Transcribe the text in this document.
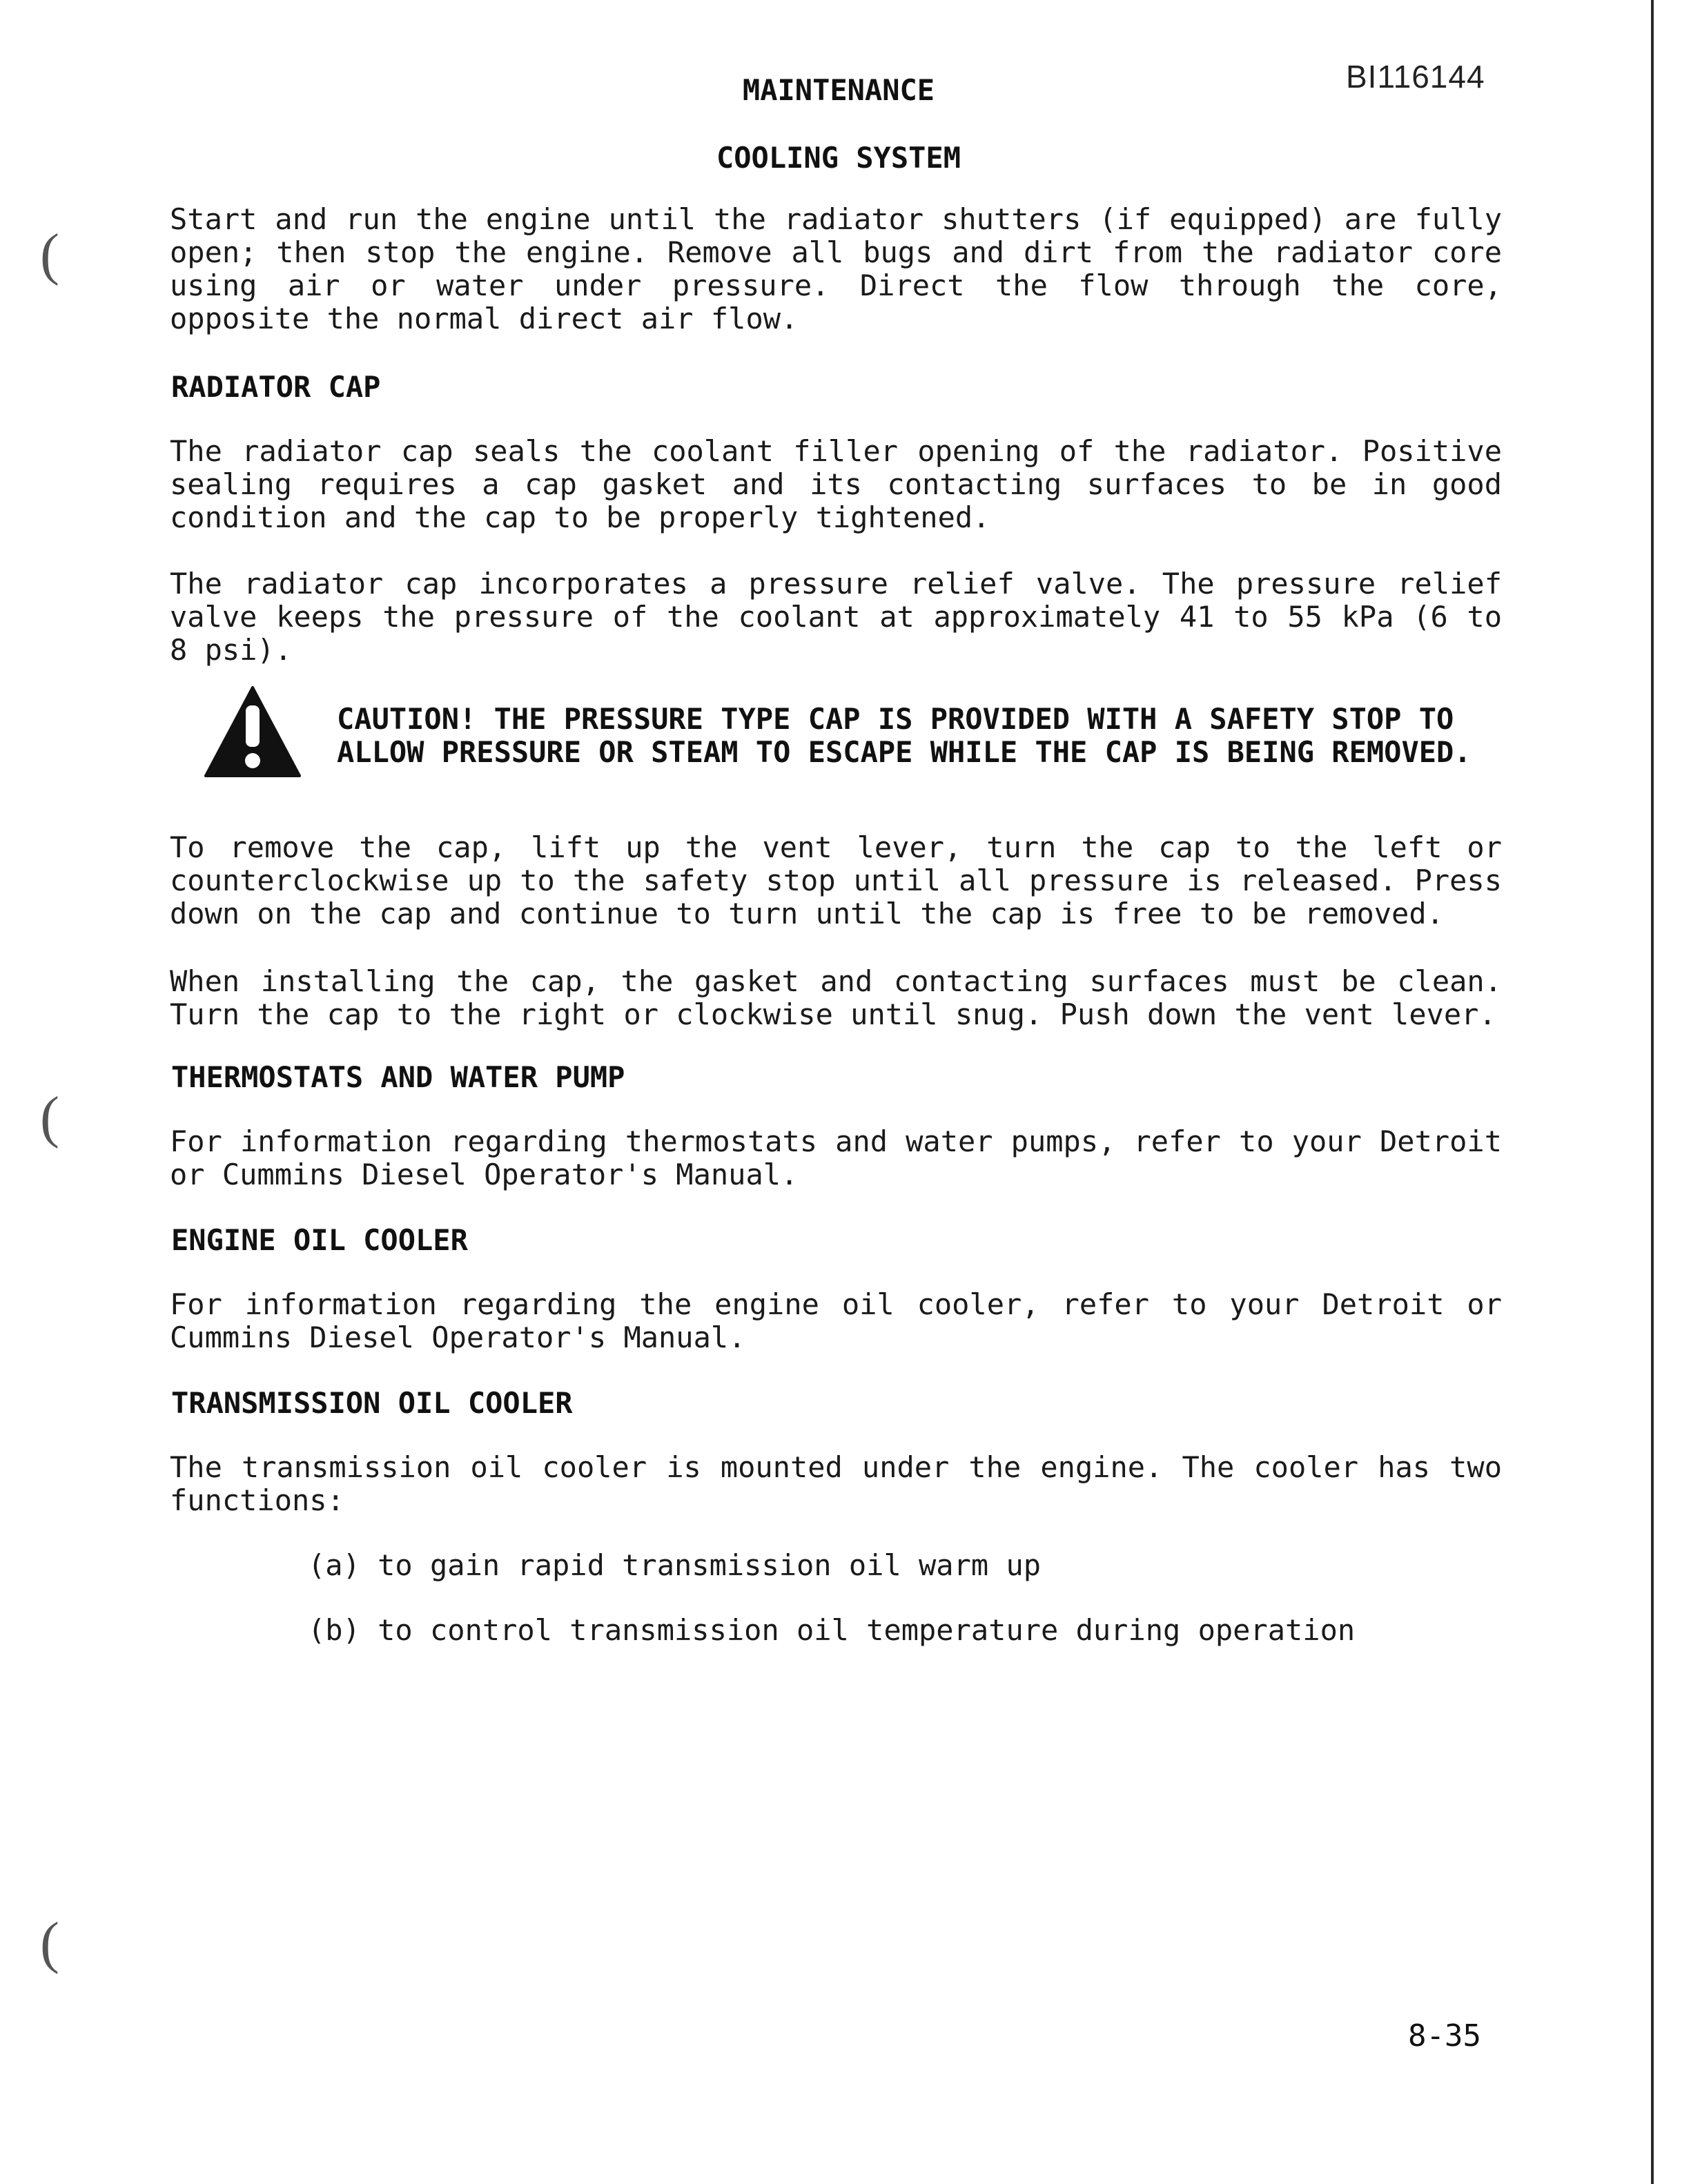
BI116144
MAINTENANCE
COOLING SYSTEM

Start and run the engine until the radiator shutters (if equipped) are fully open; then stop the engine. Remove all bugs and dirt from the radiator core using air or water under pressure. Direct the flow through the core, opposite the normal direct air flow.

RADIATOR CAP

The radiator cap seals the coolant filler opening of the radiator. Positive sealing requires a cap gasket and its contacting surfaces to be in good condition and the cap to be properly tightened.

The radiator cap incorporates a pressure relief valve. The pressure relief valve keeps the pressure of the coolant at approximately 41 to 55 kPa (6 to 8 psi).

CAUTION! THE PRESSURE TYPE CAP IS PROVIDED WITH A SAFETY STOP TO ALLOW PRESSURE OR STEAM TO ESCAPE WHILE THE CAP IS BEING REMOVED.

To remove the cap, lift up the vent lever, turn the cap to the left or counterclockwise up to the safety stop until all pressure is released. Press down on the cap and continue to turn until the cap is free to be removed.

When installing the cap, the gasket and contacting surfaces must be clean. Turn the cap to the right or clockwise until snug. Push down the vent lever.

THERMOSTATS AND WATER PUMP

For information regarding thermostats and water pumps, refer to your Detroit or Cummins Diesel Operator's Manual.

ENGINE OIL COOLER

For information regarding the engine oil cooler, refer to your Detroit or Cummins Diesel Operator's Manual.

TRANSMISSION OIL COOLER

The transmission oil cooler is mounted under the engine. The cooler has two functions:

(a) to gain rapid transmission oil warm up
(b) to control transmission oil temperature during operation
(
(
(
8-35
